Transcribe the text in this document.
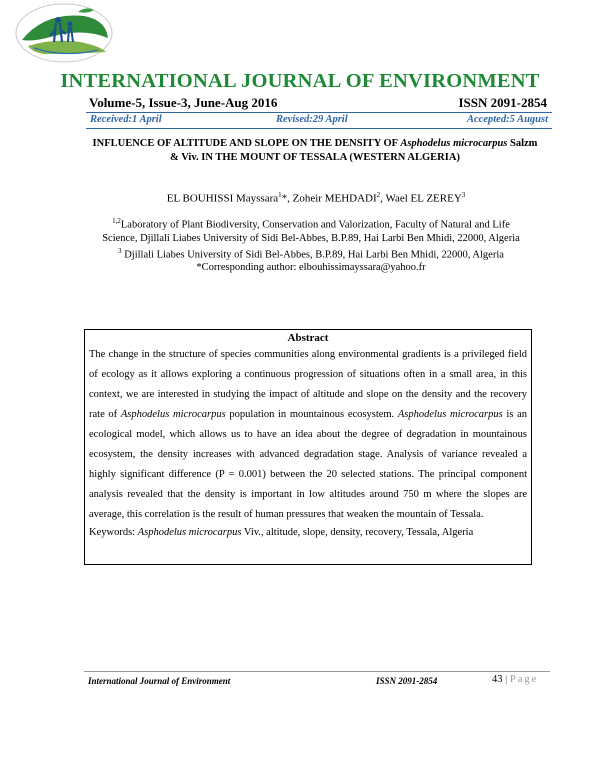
INTERNATIONAL JOURNAL OF ENVIRONMENT
Volume-5, Issue-3, June-Aug 2016	ISSN 2091-2854
Received:1 April	Revised:29 April	Accepted:5 August
INFLUENCE OF ALTITUDE AND SLOPE ON THE DENSITY OF Asphodelus microcarpus Salzm & Viv. IN THE MOUNT OF TESSALA (WESTERN ALGERIA)
EL BOUHISSI Mayssara$^1$*, Zoheir MEHDADI$^2$, Wael EL ZEREY$^3$
$^{1,2}$Laboratory of Plant Biodiversity, Conservation and Valorization, Faculty of Natural and Life Science, Djillali Liabes University of Sidi Bel-Abbes, B.P.89, Hai Larbi Ben Mhidi, 22000, Algeria
$^3$ Djillali Liabes University of Sidi Bel-Abbes, B.P.89, Hai Larbi Ben Mhidi, 22000, Algeria
*Corresponding author: elbouhissimayssara@yahoo.fr
Abstract

The change in the structure of species communities along environmental gradients is a privileged field of ecology as it allows exploring a continuous progression of situations often in a small area, in this context, we are interested in studying the impact of altitude and slope on the density and the recovery rate of Asphodelus microcarpus population in mountainous ecosystem. Asphodelus microcarpus is an ecological model, which allows us to have an idea about the degree of degradation in mountainous ecosystem, the density increases with advanced degradation stage. Analysis of variance revealed a highly significant difference (P = 0.001) between the 20 selected stations. The principal component analysis revealed that the density is important in low altitudes around 750 m where the slopes are average, this correlation is the result of human pressures that weaken the mountain of Tessala.

Keywords: Asphodelus microcarpus Viv., altitude, slope, density, recovery, Tessala, Algeria
International Journal of Environment	ISSN 2091-2854	43 | Page
